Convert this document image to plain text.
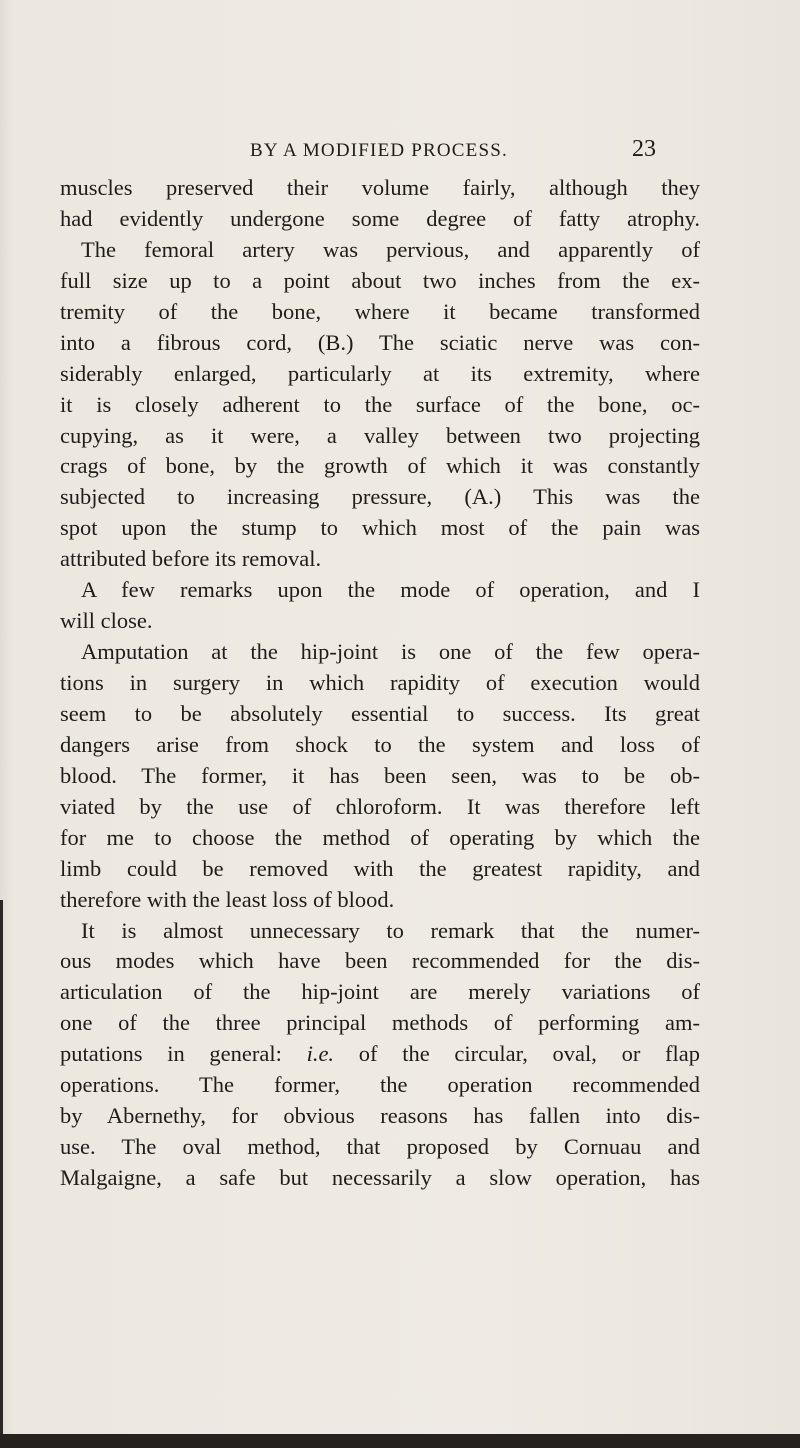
BY A MODIFIED PROCESS.	23
muscles preserved their volume fairly, although they
had evidently undergone some degree of fatty atrophy.
The femoral artery was pervious, and apparently of
full size up to a point about two inches from the ex-
tremity of the bone, where it became transformed
into a fibrous cord, (B.) The sciatic nerve was con-
siderably enlarged, particularly at its extremity, where
it is closely adherent to the surface of the bone, oc-
cupying, as it were, a valley between two projecting
crags of bone, by the growth of which it was constantly
subjected to increasing pressure, (A.) This was the
spot upon the stump to which most of the pain was
attributed before its removal.
A few remarks upon the mode of operation, and I
will close.
Amputation at the hip-joint is one of the few opera-
tions in surgery in which rapidity of execution would
seem to be absolutely essential to success. Its great
dangers arise from shock to the system and loss of
blood. The former, it has been seen, was to be ob-
viated by the use of chloroform. It was therefore left
for me to choose the method of operating by which the
limb could be removed with the greatest rapidity, and
therefore with the least loss of blood.
It is almost unnecessary to remark that the numer-
ous modes which have been recommended for the dis-
articulation of the hip-joint are merely variations of
one of the three principal methods of performing am-
putations in general: i.e. of the circular, oval, or flap
operations. The former, the operation recommended
by Abernethy, for obvious reasons has fallen into dis-
use. The oval method, that proposed by Cornuau and
Malgaigne, a safe but necessarily a slow operation, has
